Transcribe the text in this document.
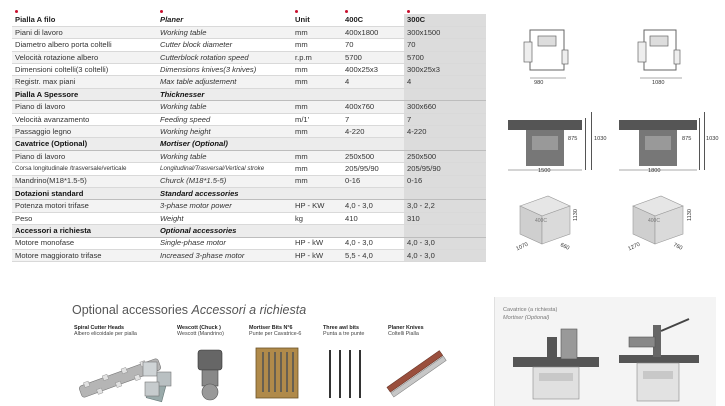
Pialla A filo	Planer	Unit	400C	300C
Piani di lavoro	Working table	mm	400x1800	300x1500
Diametro albero porta coltelli	Cutter block diameter	mm	70	70
Velocità rotazione albero	Cutterblock rotation speed	r.p.m	5700	5700
Dimensioni coltelli(3 coltelli)	Dimensions knives(3 knives)	mm	400x25x3	300x25x3
Registr. max piani	Max table adjustement	mm	4	4
Pialla A Spessore	Thicknesser			
Piano di lavoro	Working table	mm	400x760	300x660
Velocità avanzamento	Feeding speed	m/1'	7	7
Passaggio legno	Working height	mm	4-220	4-220
Cavatrice (Optional)	Mortiser (Optional)			
Piano di lavoro	Working table	mm	250x500	250x500
Corsa longitudinale /trasversale/verticale	Longitudinal/Trasversal/Vertical stroke	mm	205/95/90	205/95/90
Mandrino(M18*1.5-5)	Churck (M18*1.5-5)	mm	0-16	0-16
Dotazioni standard	Standard accessories			
Potenza motori trifase	3-phase motor power	HP - KW	4,0 - 3,0	3,0 - 2,2
Peso	Weight	kg	410	310
Accessori a richiesta	Optional accessories			
Motore monofase	Single-phase motor	HP - kW	4,0 - 3,0	4,0 - 3,0
Motore maggiorato trifase	Increased 3-phase motor	HP - kW	5,5 - 4,0	4,0 - 3,0
980	1080
1500
875	1030
1800
875	1030
400C
1070	660
1130	400C
1270	760
1130
Optional accessories Accessori a richiesta
Spiral Cutter Heads
Albero elicoidale per pialla
Wescott (Chuck )
Wescott (Mandrino)
Mortiser Bits N°6
Punte per Cavatrice-6
Three awl bits
Punta a tre punte
Planer Knives
Coltelli Pialla
Cavatrice (a richiesta)
Mortiser (Optional)
